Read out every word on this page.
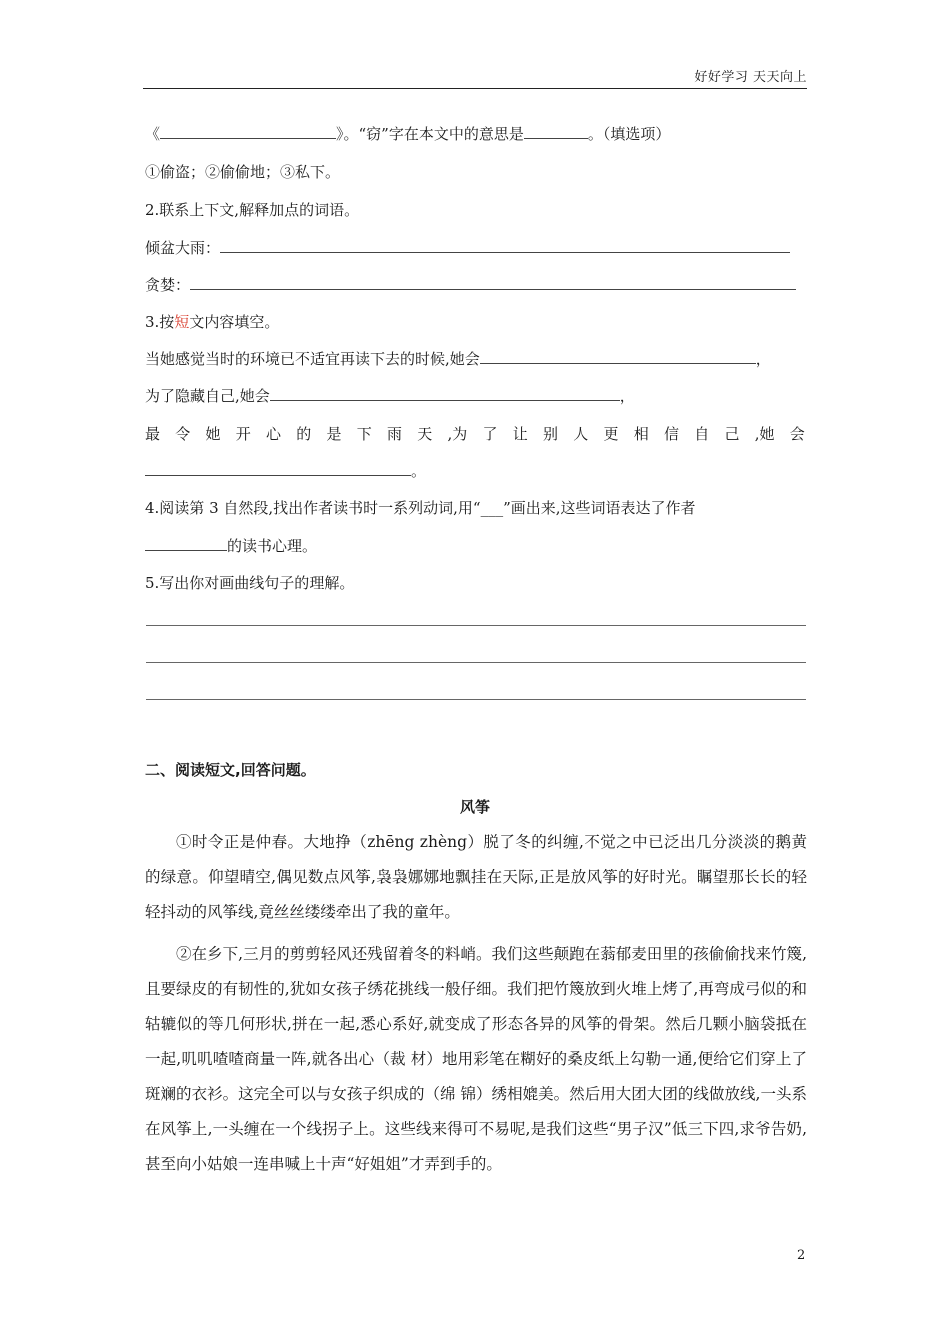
好好学习 天天向上
《	》。“窃”字在本文中的意思是	。（填选项）
①偷盗；②偷偷地；③私下。
2.联系上下文,解释加点的词语。
倾盆大雨：
贪婪：
3.按短文内容填空。
当她感觉当时的环境已不适宜再读下去的时候,她会	，
为了隐藏自己,她会	，
最 令 她 开 心 的 是 下 雨 天 ,为 了 让 别 人 更 相 信 自 己 ,她 会
。
4.阅读第 3 自然段,找出作者读书时一系列动词,用“___”画出来,这些词语表达了作者
的读书心理。
5.写出你对画曲线句子的理解。
二、阅读短文,回答问题。
风筝
①时令正是仲春。大地挣（zhēng zhèng）脱了冬的纠缠,不觉之中已泛出几分淡淡的鹅黄的绿意。仰望晴空,偶见数点风筝,袅袅娜娜地飘挂在天际,正是放风筝的好时光。瞩望那长长的轻轻抖动的风筝线,竟丝丝缕缕牵出了我的童年。
②在乡下,三月的剪剪轻风还残留着冬的料峭。我们这些颠跑在蓊郁麦田里的孩偷偷找来竹篾,且要绿皮的有韧性的,犹如女孩子绣花挑线一般仔细。我们把竹篾放到火堆上烤了,再弯成弓似的和轱辘似的等几何形状,拼在一起,悉心系好,就变成了形态各异的风筝的骨架。然后几颗小脑袋抵在一起,叽叽喳喳商量一阵,就各出心（裁 材）地用彩笔在糊好的桑皮纸上勾勒一通,便给它们穿上了斑斓的衣衫。这完全可以与女孩子织成的（绵 锦）绣相媲美。然后用大团大团的线做放线,一头系在风筝上,一头缠在一个线拐子上。这些线来得可不易呢,是我们这些“男子汉”低三下四,求爷告奶,甚至向小姑娘一连串喊上十声“好姐姐”才弄到手的。
2
